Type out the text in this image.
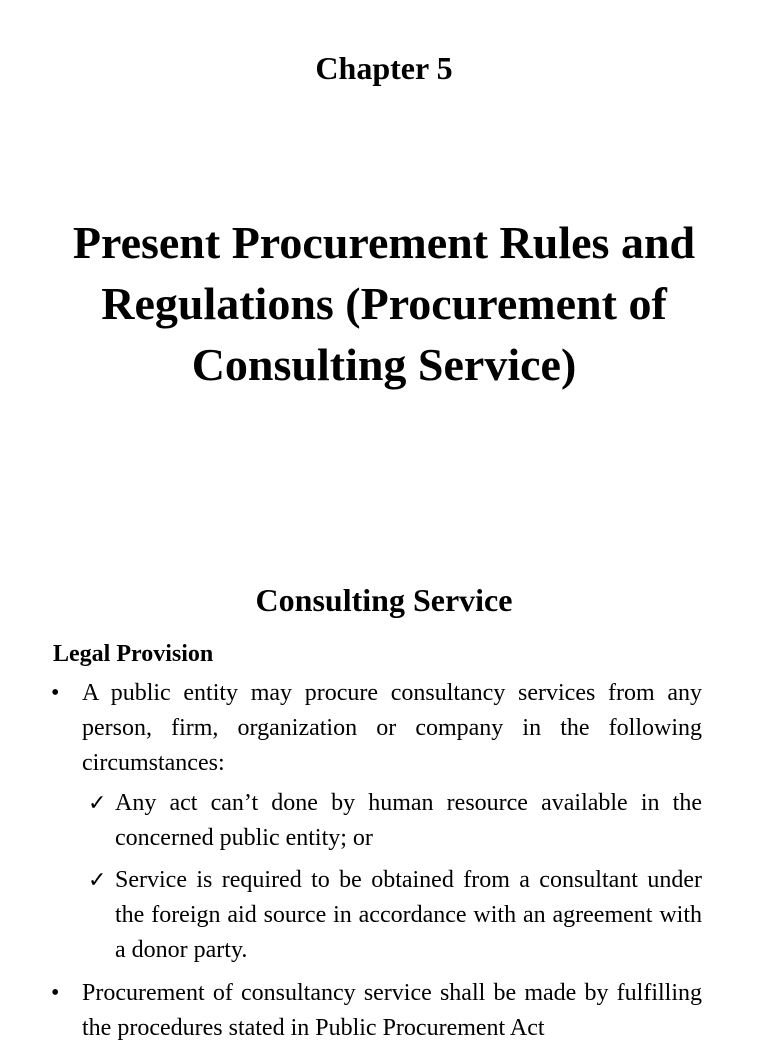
Chapter 5
Present Procurement Rules and Regulations (Procurement of Consulting Service)
Consulting Service
Legal Provision
• A public entity may procure consultancy services from any person, firm, organization or company in the following circumstances:
✓ Any act can’t done by human resource available in the concerned public entity; or
✓ Service is required to be obtained from a consultant under the foreign aid source in accordance with an agreement with a donor party.
• Procurement of consultancy service shall be made by fulfilling the procedures stated in Public Procurement Act
